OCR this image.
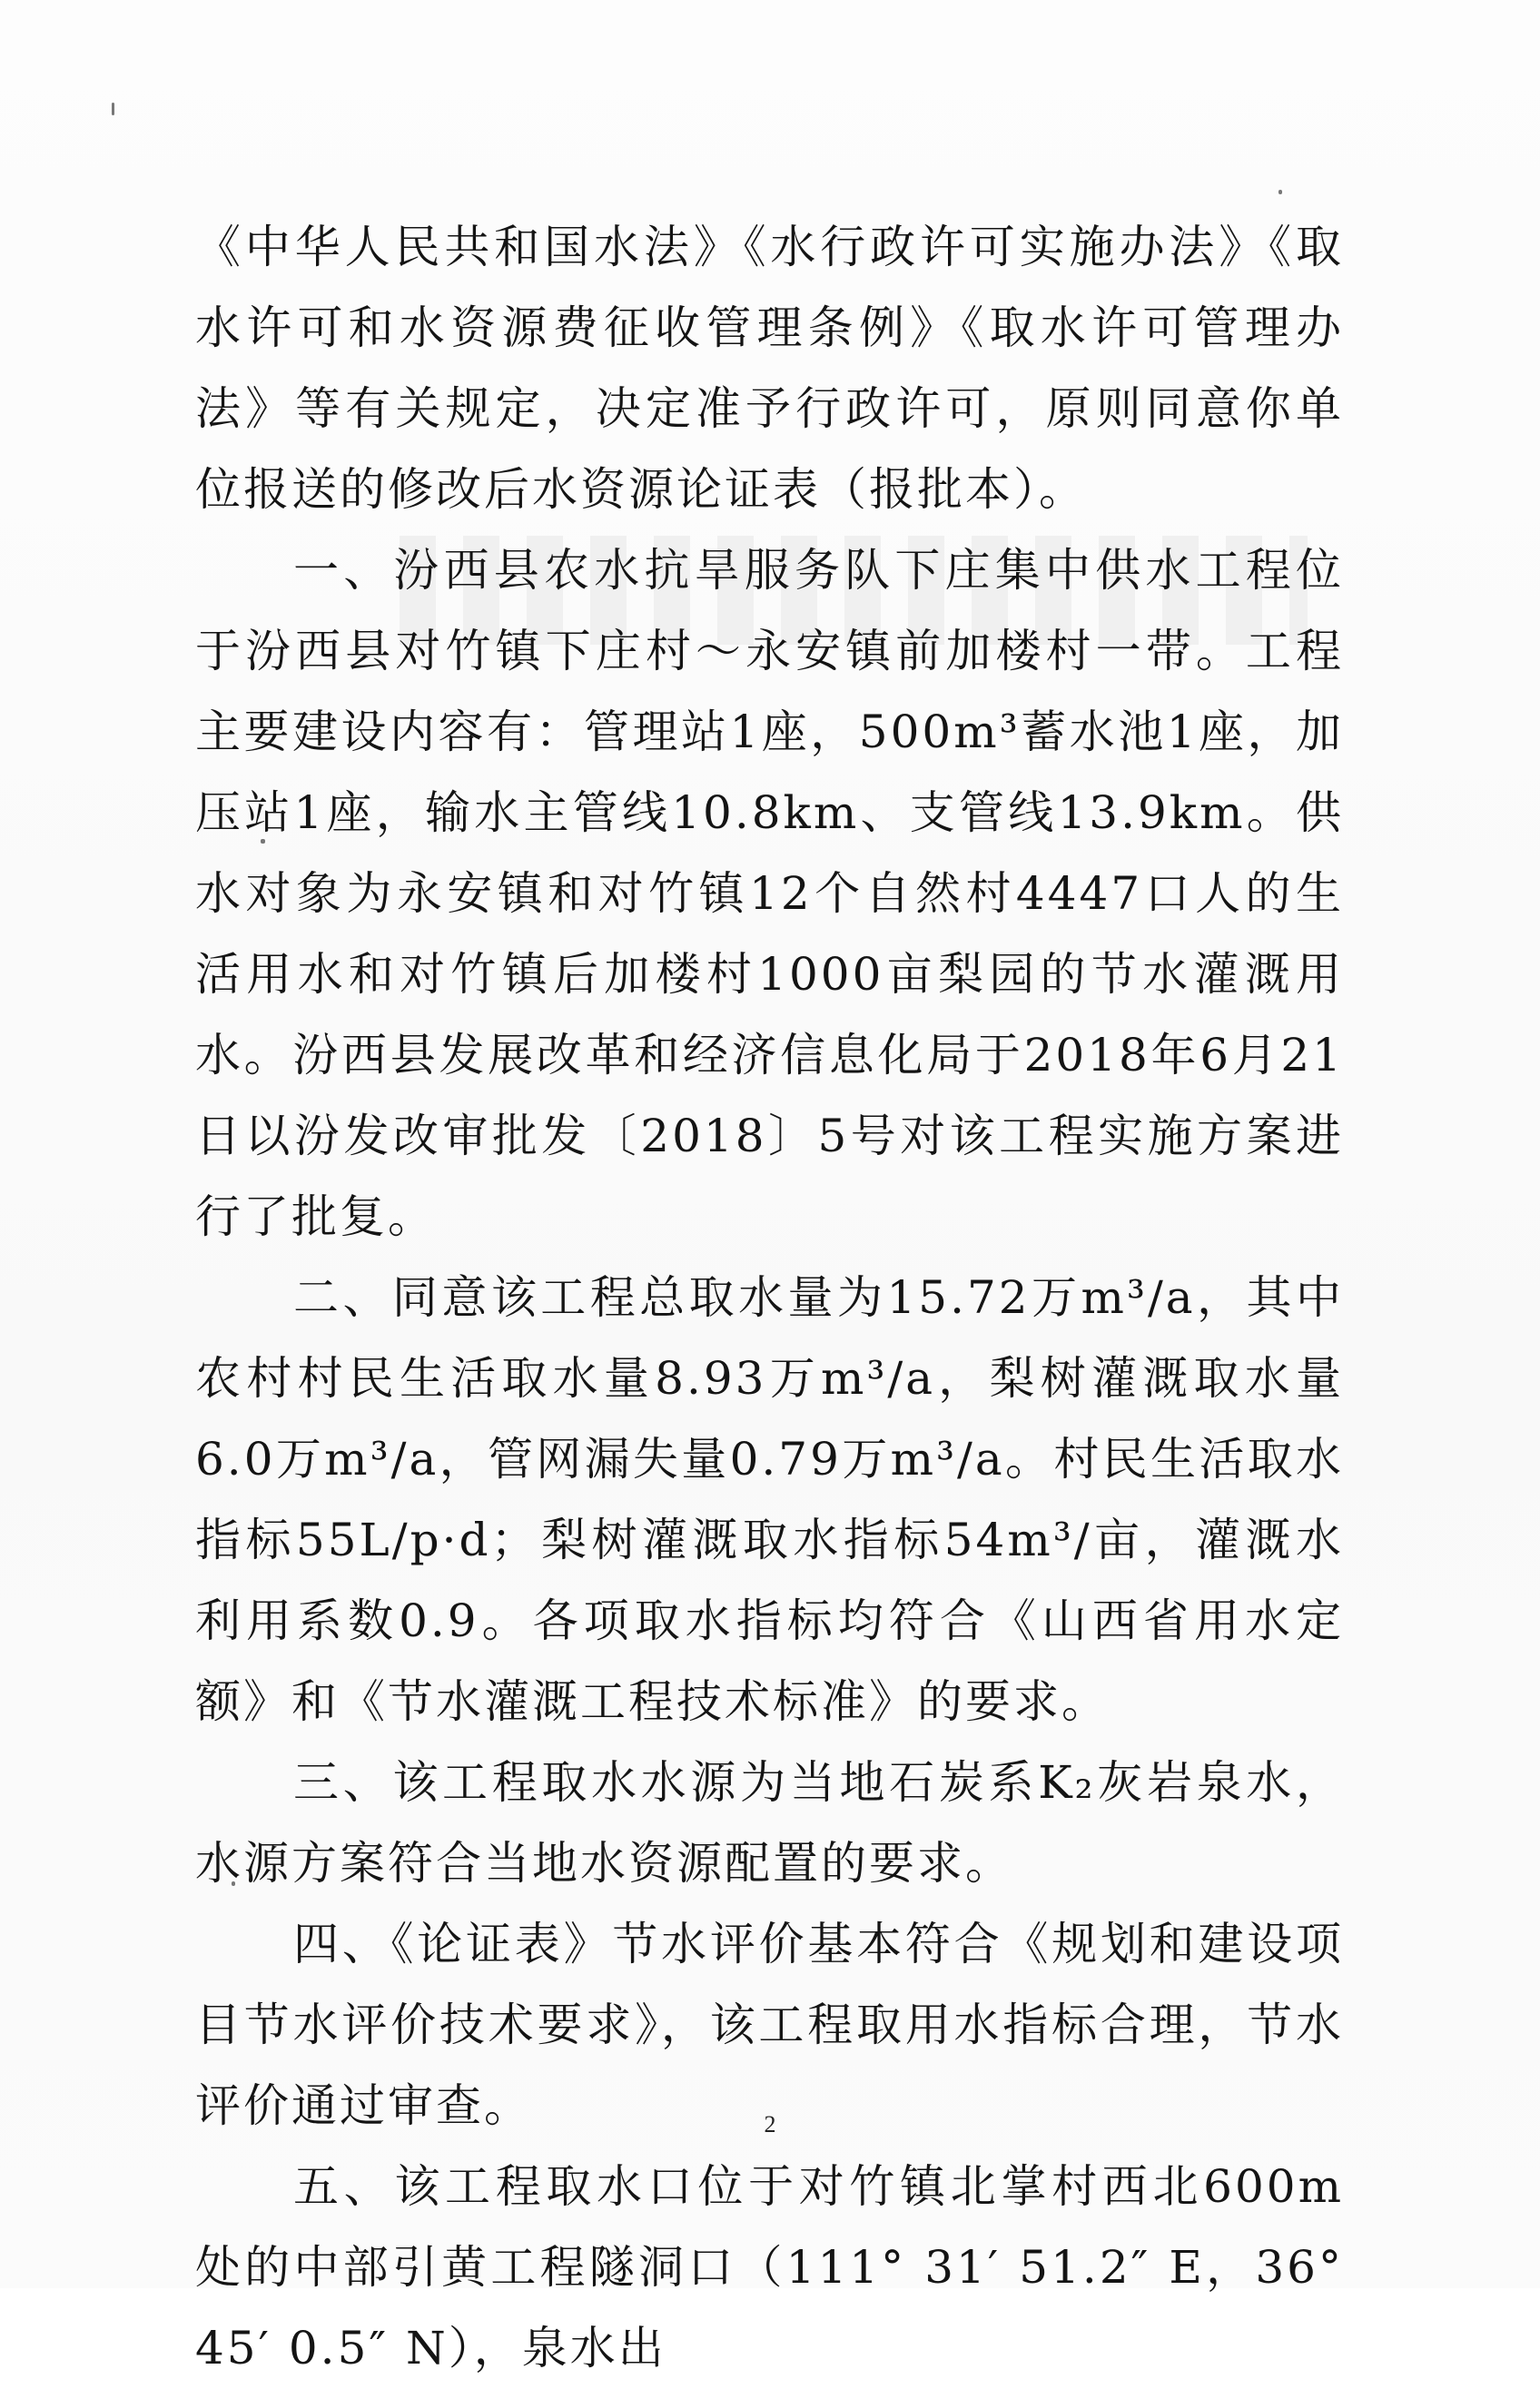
《中华人民共和国水法》《水行政许可实施办法》《取水许可和水资源费征收管理条例》《取水许可管理办法》等有关规定，决定准予行政许可，原则同意你单位报送的修改后水资源论证表（报批本）。

一、汾西县农水抗旱服务队下庄集中供水工程位于汾西县对竹镇下庄村～永安镇前加楼村一带。工程主要建设内容有：管理站1座，500m³蓄水池1座，加压站1座，输水主管线10.8km、支管线13.9km。供水对象为永安镇和对竹镇12个自然村4447口人的生活用水和对竹镇后加楼村1000亩梨园的节水灌溉用水。汾西县发展改革和经济信息化局于2018年6月21日以汾发改审批发〔2018〕5号对该工程实施方案进行了批复。

二、同意该工程总取水量为15.72万m³/a，其中农村村民生活取水量8.93万m³/a，梨树灌溉取水量6.0万m³/a，管网漏失量0.79万m³/a。村民生活取水指标55L/p·d；梨树灌溉取水指标54m³/亩，灌溉水利用系数0.9。各项取水指标均符合《山西省用水定额》和《节水灌溉工程技术标准》的要求。

三、该工程取水水源为当地石炭系K₂灰岩泉水，水源方案符合当地水资源配置的要求。

四、《论证表》节水评价基本符合《规划和建设项目节水评价技术要求》，该工程取用水指标合理，节水评价通过审查。

五、该工程取水口位于对竹镇北掌村西北600m处的中部引黄工程隧洞口（111° 31′ 51.2″ E，36° 45′ 0.5″ N），泉水出

2
